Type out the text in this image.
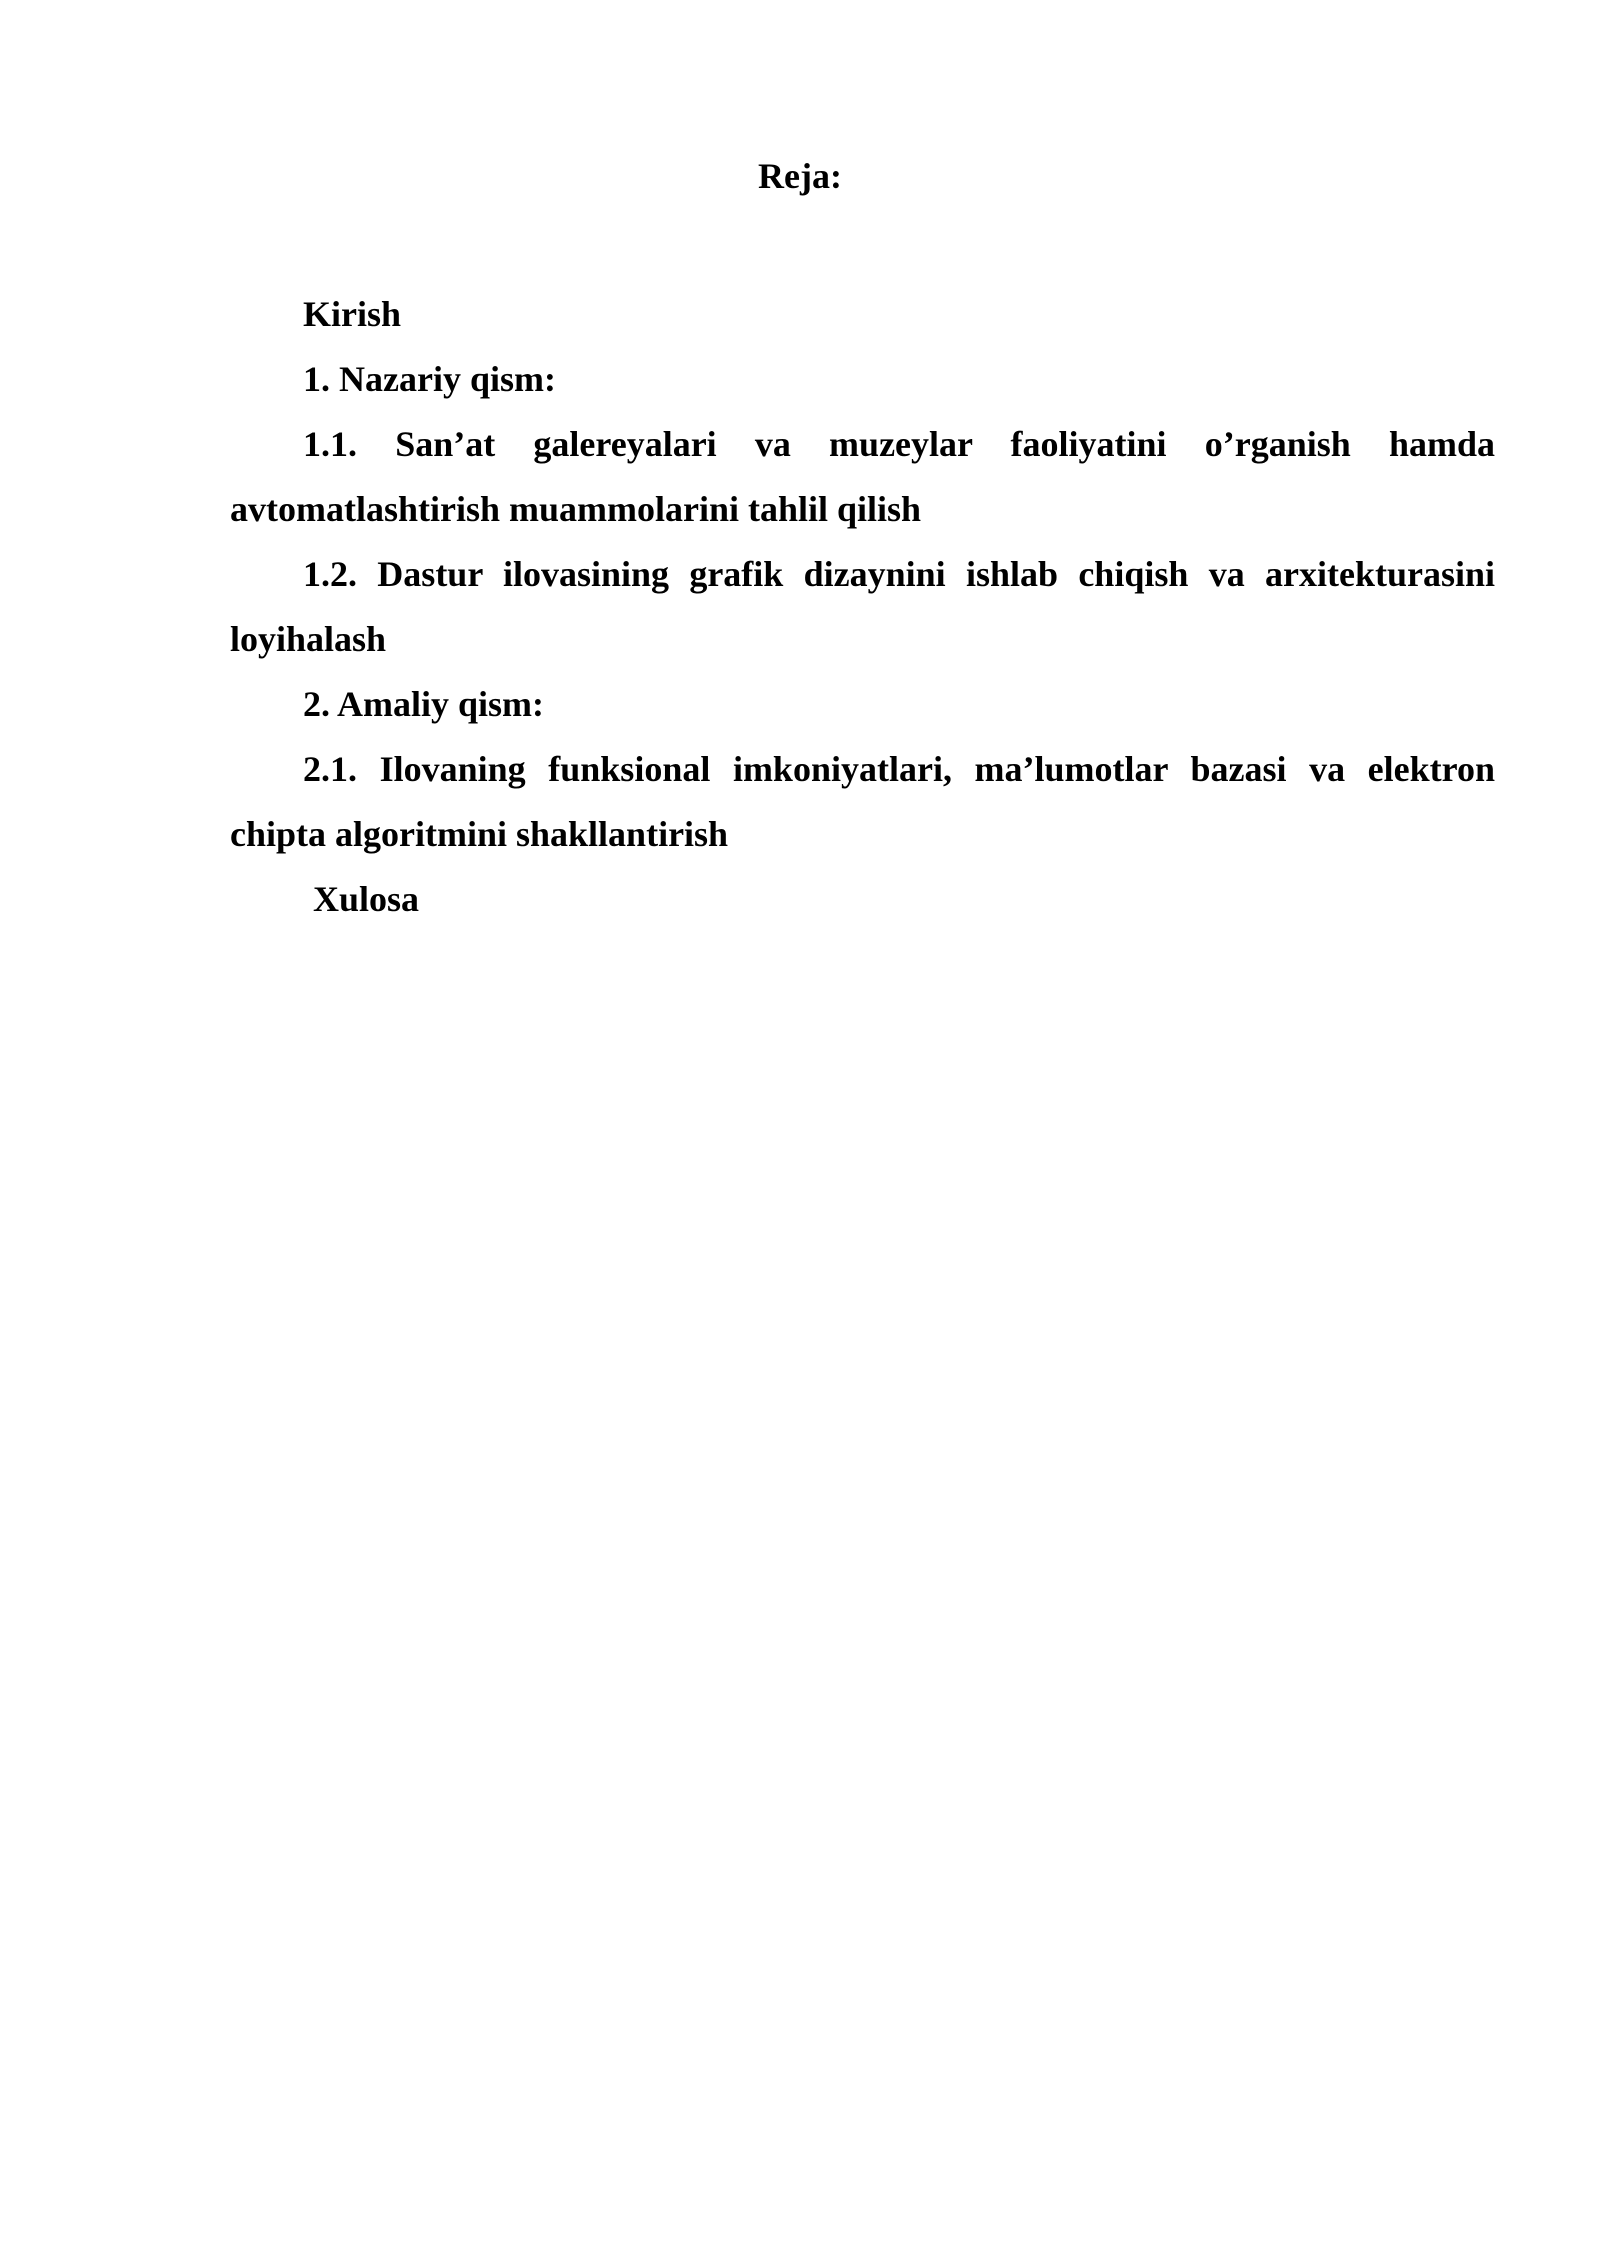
Reja:
Kirish
1. Nazariy qism:
1.1. San’at galereyalari va muzeylar faoliyatini o’rganish hamda
avtomatlashtirish muammolarini tahlil qilish
1.2. Dastur ilovasining grafik dizaynini ishlab chiqish va arxitekturasini
loyihalash
2. Amaliy qism:
2.1. Ilovaning funksional imkoniyatlari, ma’lumotlar bazasi va elektron
chipta algoritmini shakllantirish
Xulosa
